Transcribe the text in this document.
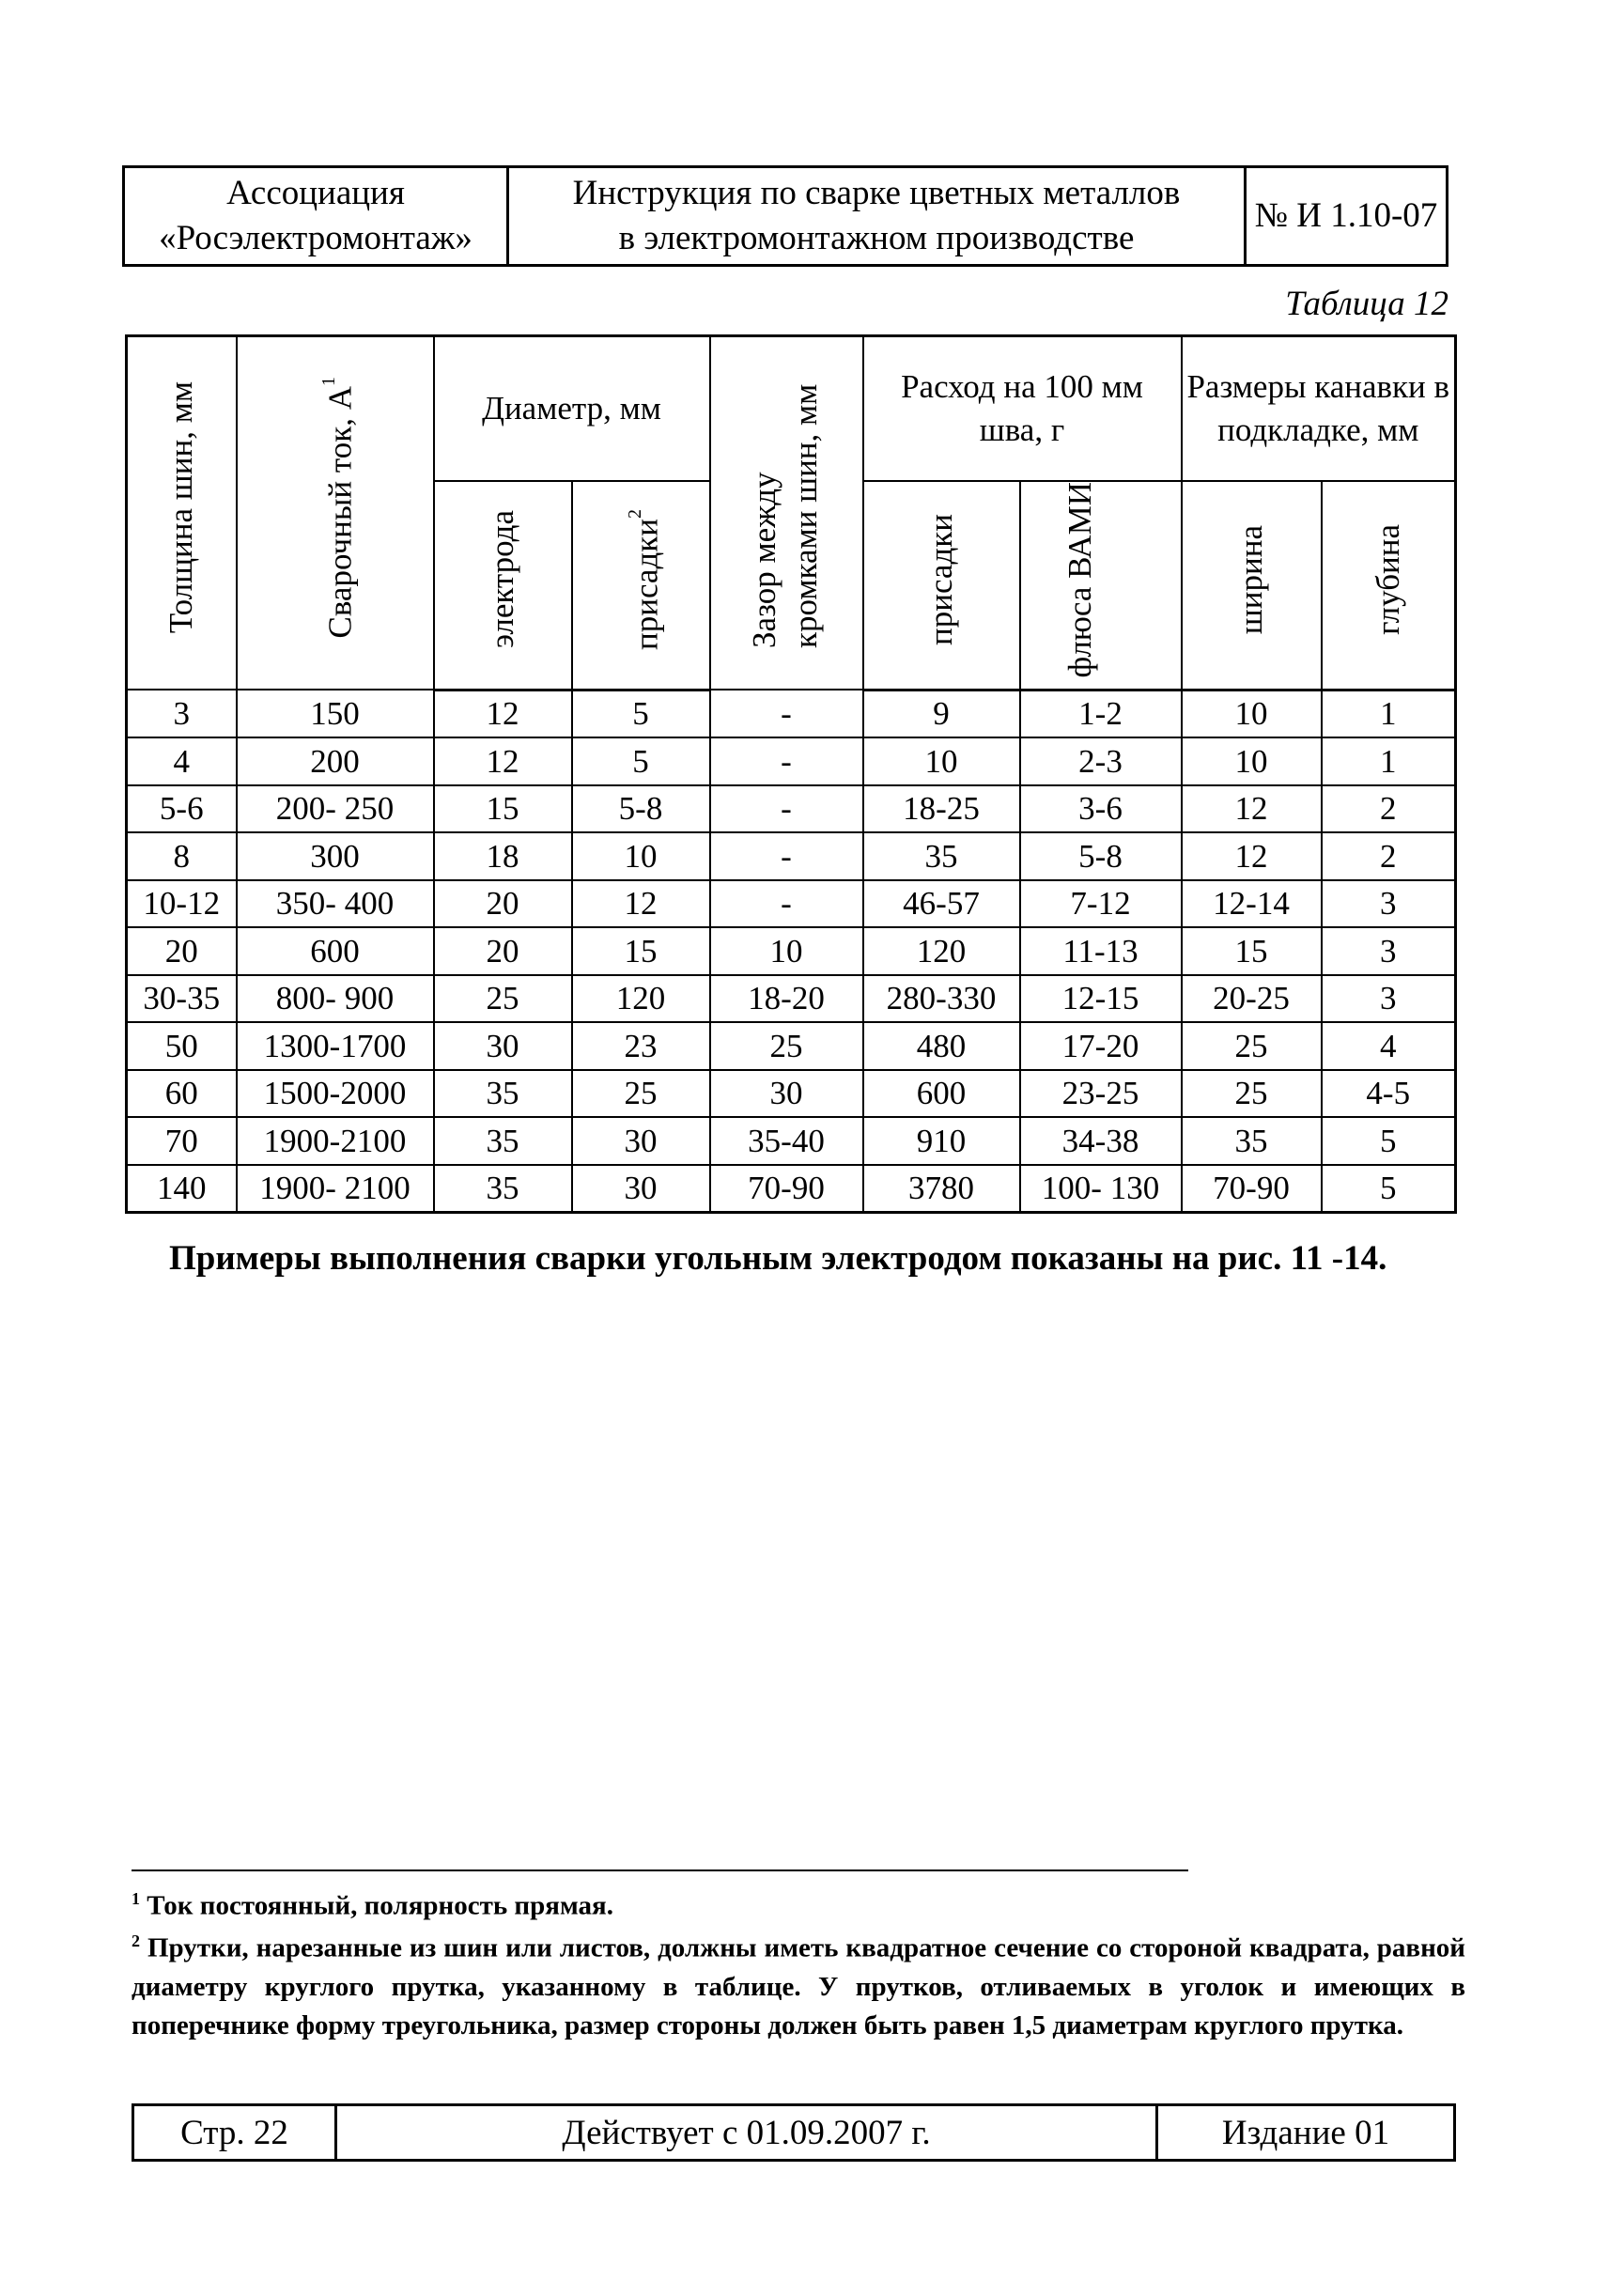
Ассоциация
«Росэлектромонтаж»

Инструкция по сварке цветных металлов
в электромонтажном производстве
	№ И 1.10-07
Таблица 12
Толщина шин, мм	Сварочный ток, $А^1$	Диаметр, мм		Зазор между кромками шин, мм	Расход на 100 мм шва, г		Размеры канавки в подкладке, мм	

		электрода	присадки$^2$		присадки	флюса ВАМИ	ширина	глубина
3	150	12	5	-	9	1-2	10	1
4	200	12	5	-	10	2-3	10	1
5-6	200- 250	15	5-8	-	18-25	3-6	12	2
8	300	18	10	-	35	5-8	12	2
10-12	350- 400	20	12	-	46-57	7-12	12-14	3
20	600	20	15	10	120	11-13	15	3
30-35	800- 900	25	120	18-20	280-330	12-15	20-25	3
50	1300-1700	30	23	25	480	17-20	25	4
60	1500-2000	35	25	30	600	23-25	25	4-5
70	1900-2100	35	30	35-40	910	34-38	35	5
140	1900- 2100	35	30	70-90	3780	100- 130	70-90	5
Примеры выполнения сварки угольным электродом показаны на рис. 11 -14.
$^1$ Ток постоянный, полярность прямая.
$^2$ Прутки, нарезанные из шин или листов, должны иметь квадратное сечение со стороной квадрата, равной диаметру круглого прутка, указанному в таблице. У прутков, отливаемых в уголок и имеющих в поперечнике форму треугольника, размер стороны должен быть равен 1,5 диаметрам круглого прутка.
Стр. 22	Действует с 01.09.2007 г.	Издание 01
